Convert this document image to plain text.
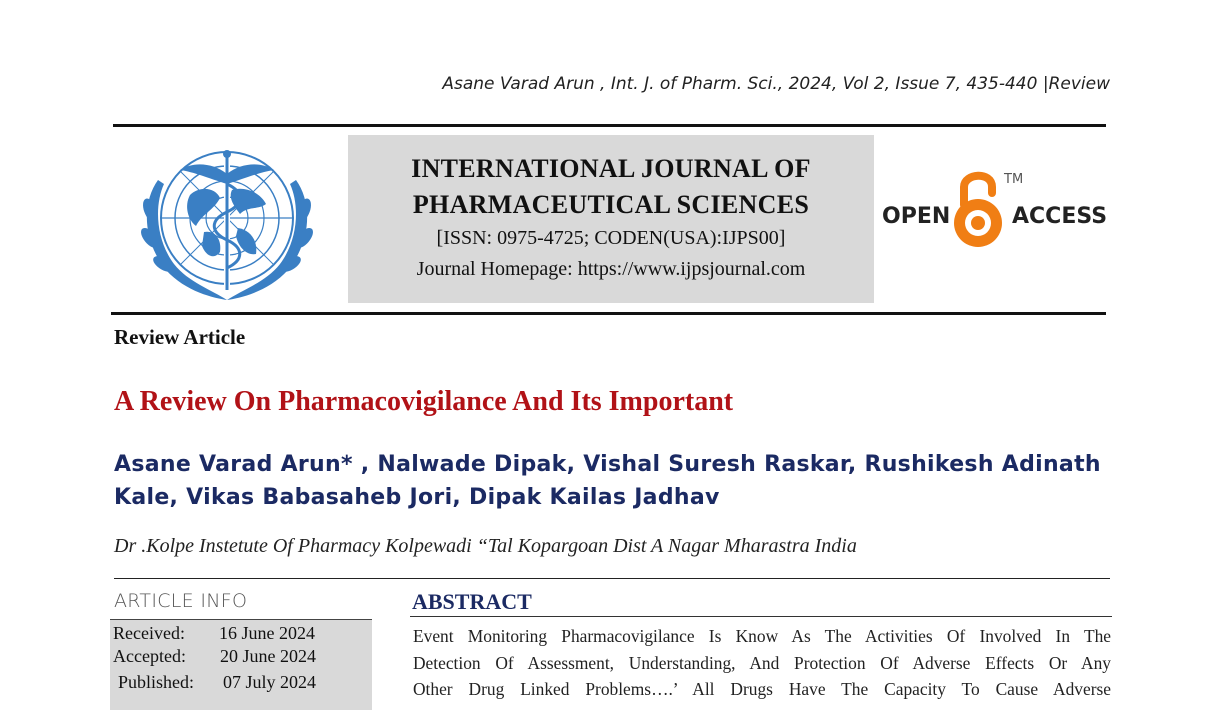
Asane Varad Arun , Int. J. of Pharm. Sci., 2024, Vol 2, Issue 7, 435-440 |Review
INTERNATIONAL JOURNAL OF
PHARMACEUTICAL SCIENCES
[ISSN: 0975-4725; CODEN(USA):IJPS00]
Journal Homepage: https://www.ijpsjournal.com
OPEN	ACCESS
TM
Review Article
A Review On Pharmacovigilance And Its Important
Asane Varad Arun* , Nalwade Dipak, Vishal Suresh Raskar, Rushikesh Adinath
Kale, Vikas Babasaheb Jori, Dipak Kailas Jadhav
Dr .Kolpe Instetute Of Pharmacy Kolpewadi “Tal Kopargoan Dist A Nagar Mharastra India
ARTICLE INFO
Received: 16 June 2024
Accepted: 20 June 2024
Published: 07 July 2024
ABSTRACT
Event Monitoring Pharmacovigilance Is Know As The Activities Of Involved In The
Detection Of Assessment, Understanding, And Protection Of Adverse Effects Or Any
Other Drug Linked Problems….’ All Drugs Have The Capacity To Cause Adverse
